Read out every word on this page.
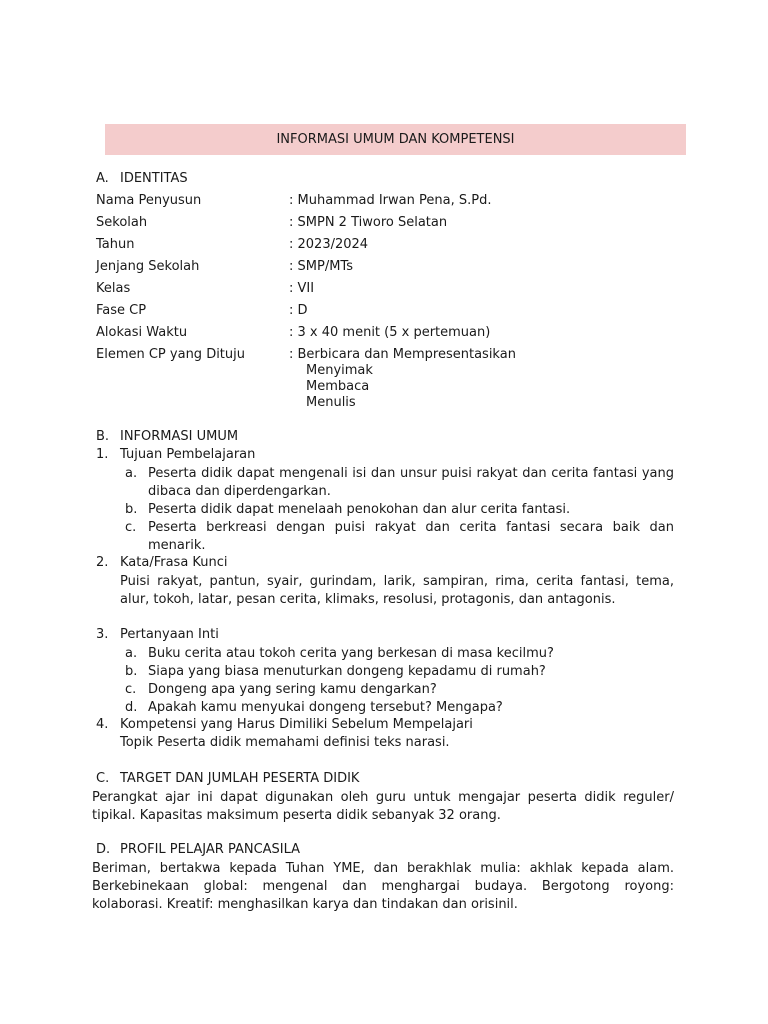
INFORMASI UMUM DAN KOMPETENSI
A. IDENTITAS
Nama Penyusun	: Muhammad Irwan Pena, S.Pd.
Sekolah	: SMPN 2 Tiworo Selatan
Tahun	: 2023/2024
Jenjang Sekolah	: SMP/MTs
Kelas	: VII
Fase CP	: D
Alokasi Waktu	: 3 x 40 menit (5 x pertemuan)
Elemen CP yang Dituju	: Berbicara dan Mempresentasikan
Menyimak
Membaca
Menulis
B. INFORMASI UMUM
1. Tujuan Pembelajaran
a. Peserta didik dapat mengenali isi dan unsur puisi rakyat dan cerita fantasi yang dibaca dan diperdengarkan.
b. Peserta didik dapat menelaah penokohan dan alur cerita fantasi.
c. Peserta berkreasi dengan puisi rakyat dan cerita fantasi secara baik dan menarik.
2. Kata/Frasa Kunci
Puisi rakyat, pantun, syair, gurindam, larik, sampiran, rima, cerita fantasi, tema, alur, tokoh, latar, pesan cerita, klimaks, resolusi, protagonis, dan antagonis.
3. Pertanyaan Inti
a. Buku cerita atau tokoh cerita yang berkesan di masa kecilmu?
b. Siapa yang biasa menuturkan dongeng kepadamu di rumah?
c. Dongeng apa yang sering kamu dengarkan?
d. Apakah kamu menyukai dongeng tersebut? Mengapa?
4. Kompetensi yang Harus Dimiliki Sebelum Mempelajari
Topik Peserta didik memahami definisi teks narasi.
C. TARGET DAN JUMLAH PESERTA DIDIK
Perangkat ajar ini dapat digunakan oleh guru untuk mengajar peserta didik reguler/ tipikal. Kapasitas maksimum peserta didik sebanyak 32 orang.
D. PROFIL PELAJAR PANCASILA
Beriman, bertakwa kepada Tuhan YME, dan berakhlak mulia: akhlak kepada alam. Berkebinekaan global: mengenal dan menghargai budaya. Bergotong royong: kolaborasi. Kreatif: menghasilkan karya dan tindakan dan orisinil.
